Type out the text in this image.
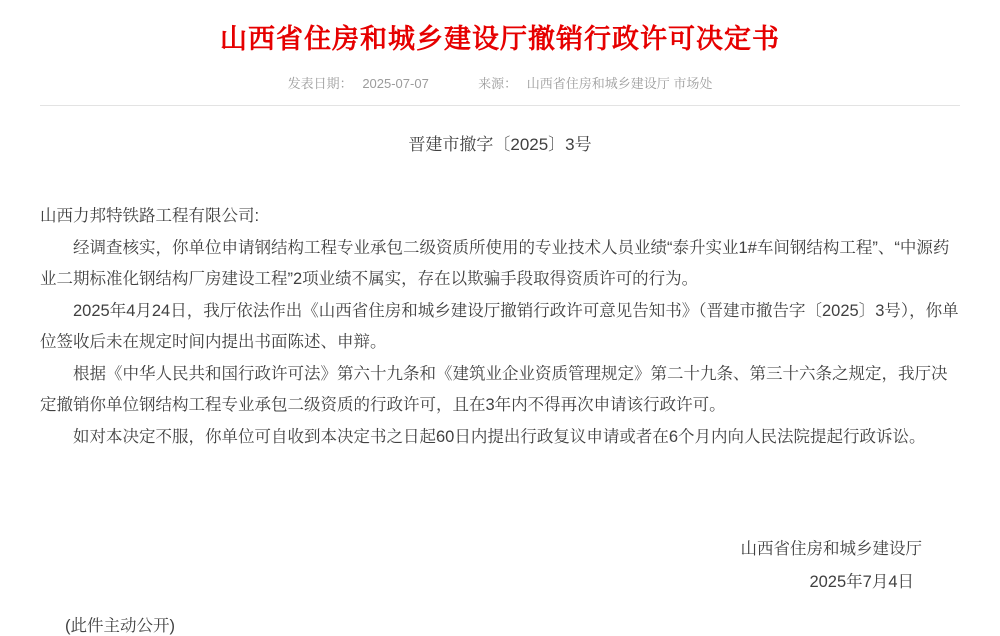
山西省住房和城乡建设厅撤销行政许可决定书
发表日期： 2025-07-07	来源： 山西省住房和城乡建设厅 市场处
晋建市撤字〔2025〕3号

山西力邦特铁路工程有限公司:

经调查核实，你单位申请钢结构工程专业承包二级资质所使用的专业技术人员业绩“泰升实业1#车间钢结构工程”、“中源药业二期标准化钢结构厂房建设工程”2项业绩不属实，存在以欺骗手段取得资质许可的行为。

2025年4月24日，我厅依法作出《山西省住房和城乡建设厅撤销行政许可意见告知书》（晋建市撤告字〔2025〕3号），你单位签收后未在规定时间内提出书面陈述、申辩。

根据《中华人民共和国行政许可法》第六十九条和《建筑业企业资质管理规定》第二十九条、第三十六条之规定，我厅决定撤销你单位钢结构工程专业承包二级资质的行政许可，且在3年内不得再次申请该行政许可。

如对本决定不服，你单位可自收到本决定书之日起60日内提出行政复议申请或者在6个月内向人民法院提起行政诉讼。

山西省住房和城乡建设厅
2025年7月4日
(此件主动公开)
